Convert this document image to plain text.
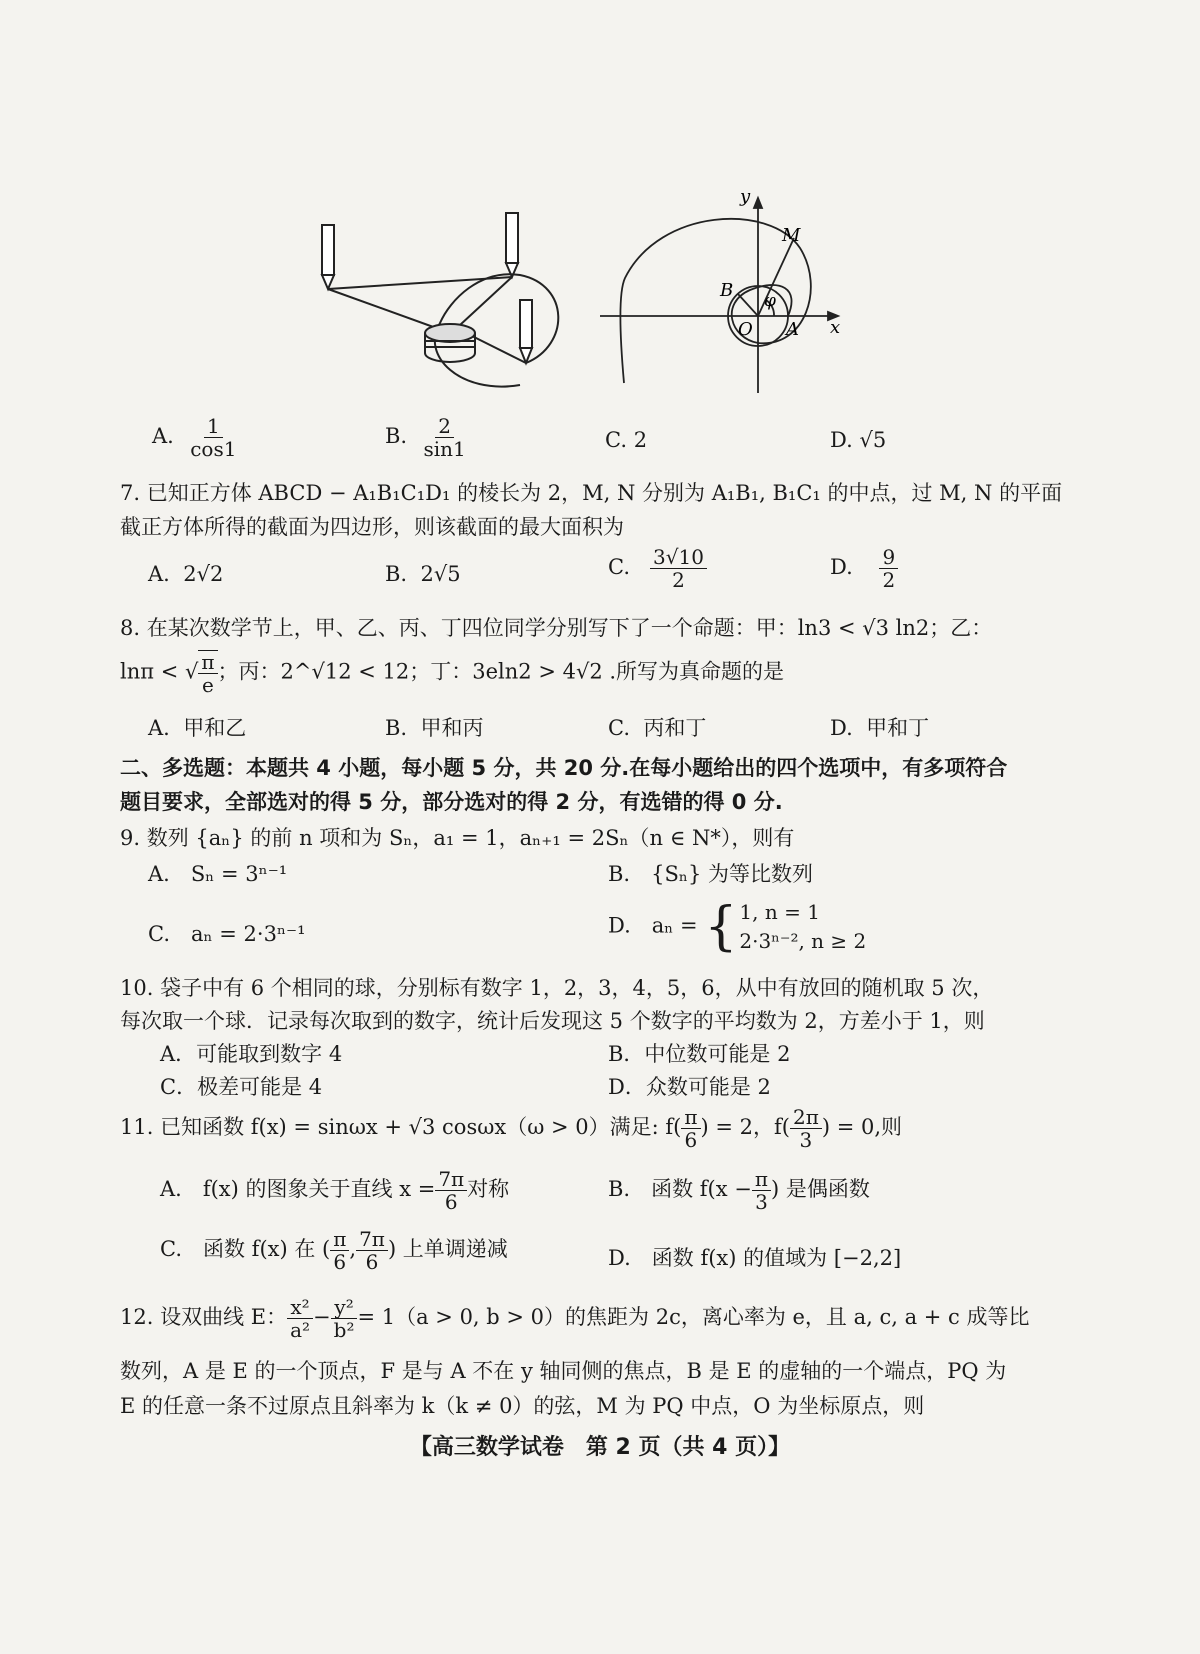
y
x
M
B
O A
φ
A. $\frac{1}{\cos 1}$	B. $\frac{2}{\sin 1}$	C. 2	D. √5
7. 已知正方体 ABCD − A₁B₁C₁D₁ 的棱长为 2，M, N 分别为 A₁B₁, B₁C₁ 的中点，过 M, N 的平面
截正方体所得的截面为四边形，则该截面的最大面积为
A. 2√2	B. 2√5	C. $\frac{3√10}{2}$	D. $\frac{9}{2}$
8. 在某次数学节上，甲、乙、丙、丁四位同学分别写下了一个命题：甲：ln3 < √3 ln2；乙：
lnπ < √ $\frac{\pi}{e}$ ；丙：2^√12 < 12；丁：3eln2 > 4√2 .所写为真命题的是
A. 甲和乙	B. 甲和丙	C. 丙和丁	D. 甲和丁
二、多选题：本题共 4 小题，每小题 5 分，共 20 分.在每小题给出的四个选项中，有多项符合
题目要求，全部选对的得 5 分，部分选对的得 2 分，有选错的得 0 分.
9. 数列 {aₙ} 的前 n 项和为 Sₙ，a₁ = 1，aₙ₊₁ = 2Sₙ（n ∈ N*），则有
A.　Sₙ = 3ⁿ⁻¹	B.　{Sₙ} 为等比数列
C.　aₙ = 2·3ⁿ⁻¹	D.　aₙ = { 1, n = 1
2·3ⁿ⁻², n ≥ 2
10. 袋子中有 6 个相同的球，分别标有数字 1，2，3，4，5，6，从中有放回的随机取 5 次，
每次取一个球．记录每次取到的数字，统计后发现这 5 个数字的平均数为 2，方差小于 1，则
A．可能取到数字 4	B．中位数可能是 2
C．极差可能是 4	D．众数可能是 2
11. 已知函数 f(x) = sinωx + √3 cosωx（ω > 0）满足: $f( \frac{\pi}{6}$ ) = 2，$f( \frac{2\pi}{3}$ ) = 0,则
A.　f(x) 的图象关于直线 $x = \frac{7\pi}{6}$ 对称	B.　函数 $f(x - \frac{\pi}{3}$ ) 是偶函数
C.　函数 f(x) 在 ( $\frac{\pi}{6}$ , $\frac{7\pi}{6}$ ) 上单调递减	D.　函数 f(x) 的值域为 [−2,2]
12. 设双曲线 E： $\frac{\text{x²}}{\text{a²}} - \frac{\text{y²}}{\text{b²}} = 1(a > 0$, b > 0）的焦距为 2c，离心率为 e，且 a, c, a + c 成等比
数列，A 是 E 的一个顶点，F 是与 A 不在 y 轴同侧的焦点，B 是 E 的虚轴的一个端点，PQ 为
E 的任意一条不过原点且斜率为 k（k ≠ 0）的弦，M 为 PQ 中点，O 为坐标原点，则
【高三数学试卷　第 2 页（共 4 页）】
